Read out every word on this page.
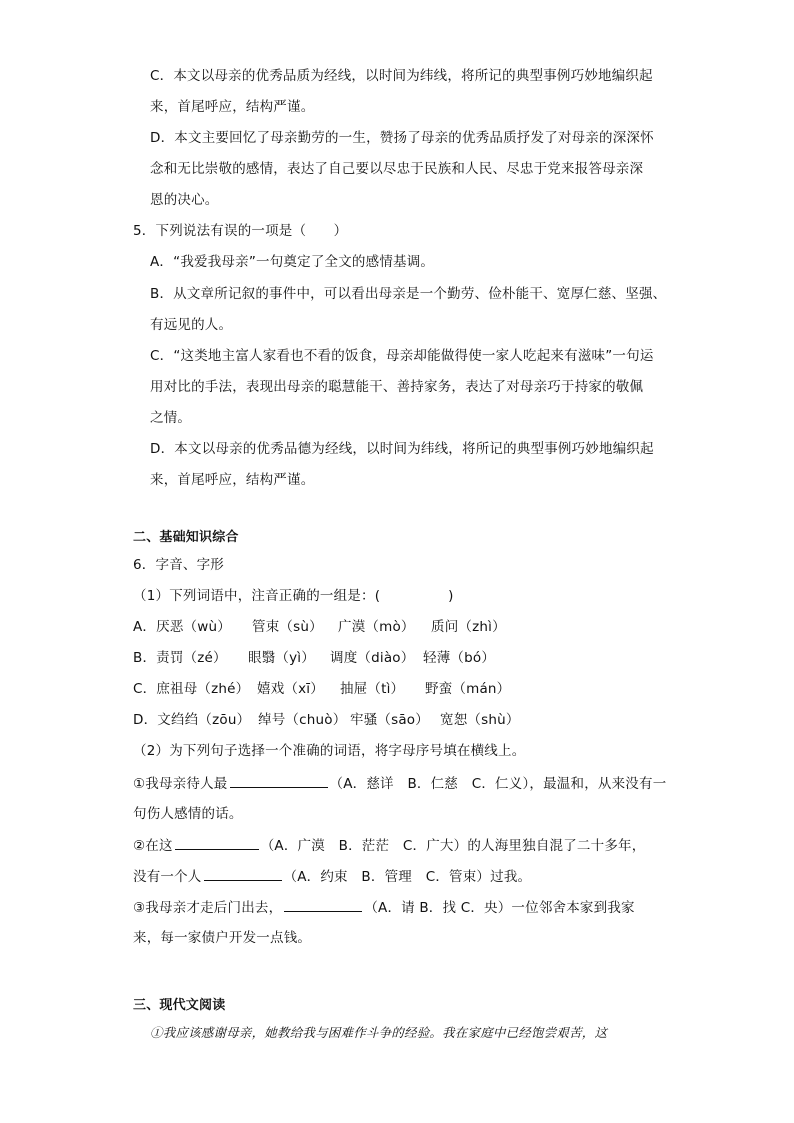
C．本文以母亲的优秀品质为经线，以时间为纬线，将所记的典型事例巧妙地编织起
来，首尾呼应，结构严谨。
D．本文主要回忆了母亲勤劳的一生，赞扬了母亲的优秀品质抒发了对母亲的深深怀
念和无比崇敬的感情，表达了自己要以尽忠于民族和人民、尽忠于党来报答母亲深
恩的决心。
5．下列说法有误的一项是（　　）
A．“我爱我母亲”一句奠定了全文的感情基调。
B．从文章所记叙的事件中，可以看出母亲是一个勤劳、俭朴能干、宽厚仁慈、坚强、
有远见的人。
C．“这类地主富人家看也不看的饭食，母亲却能做得使一家人吃起来有滋味”一句运
用对比的手法，表现出母亲的聪慧能干、善持家务，表达了对母亲巧于持家的敬佩
之情。
D．本文以母亲的优秀品德为经线，以时间为纬线，将所记的典型事例巧妙地编织起
来，首尾呼应，结构严谨。
二、基础知识综合
6．字音、字形
（1）下列词语中，注音正确的一组是：(	)
A．厌恶（wù） 管束（sù） 广漠（mò） 质问（zhì）
B．责罚（zé） 眼翳（yì） 调度（diào） 轻薄（bó）
C．庶祖母（zhé） 嬉戏（xī） 抽屉（tì） 野蛮（mán）
D．文绉绉（zōu） 绰号（chuò） 牢骚（sāo） 宽恕（shù）
（2）为下列句子选择一个准确的词语，将字母序号填在横线上。
①我母亲待人最	（A．慈详　B．仁慈　C．仁义），最温和，从来没有一
句伤人感情的话。
②在这	（A．广漠　B．茫茫　C．广大）的人海里独自混了二十多年，
没有一个人	（A．约束　B．管理　C．管束）过我。
③我母亲才走后门出去，	（A．请 B．找 C．央）一位邻舍本家到我家
来，每一家债户开发一点钱。
三、现代文阅读
①我应该感谢母亲，她教给我与困难作斗争的经验。我在家庭中已经饱尝艰苦，这
